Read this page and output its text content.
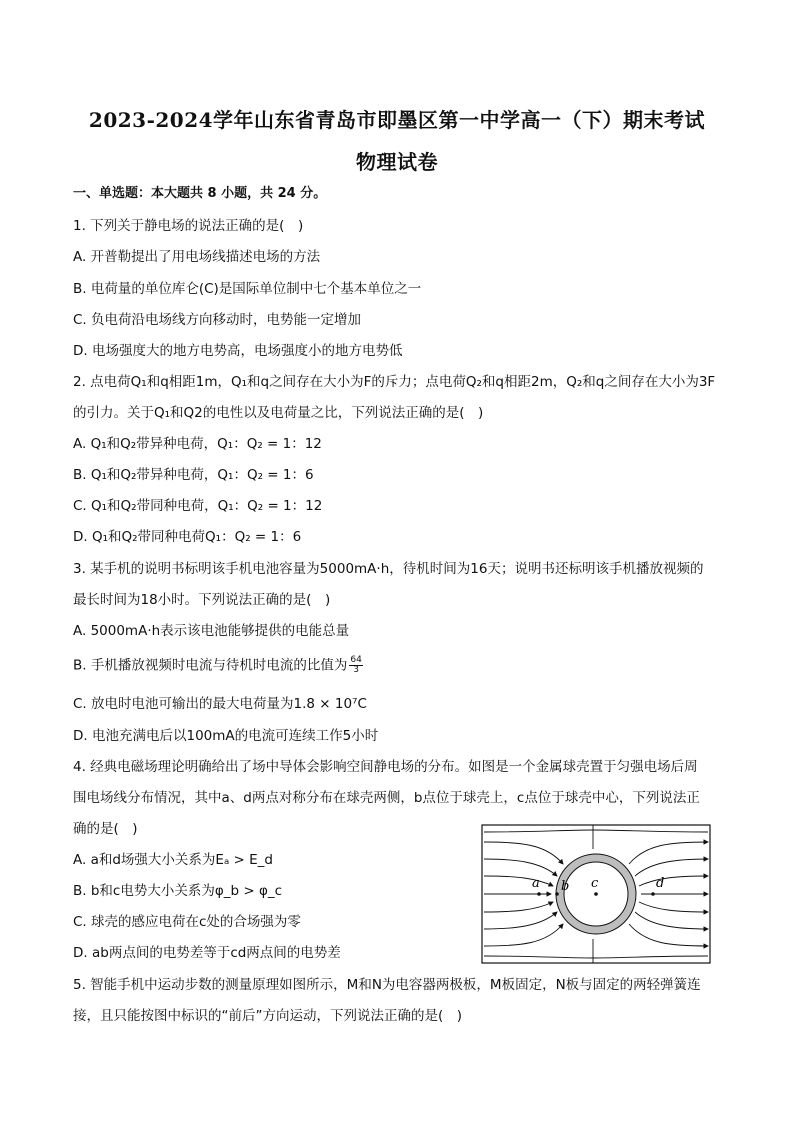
2023-2024学年山东省青岛市即墨区第一中学高一（下）期末考试
物理试卷
一、单选题：本大题共 8 小题，共 24 分。
1. 下列关于静电场的说法正确的是(　)
A. 开普勒提出了用电场线描述电场的方法
B. 电荷量的单位库仑(C)是国际单位制中七个基本单位之一
C. 负电荷沿电场线方向移动时，电势能一定增加
D. 电场强度大的地方电势高，电场强度小的地方电势低
2. 点电荷Q₁和q相距1m，Q₁和q之间存在大小为F的斥力；点电荷Q₂和q相距2m，Q₂和q之间存在大小为3F
的引力。关于Q₁和Q2的电性以及电荷量之比，下列说法正确的是(　)
A. Q₁和Q₂带异种电荷，Q₁：Q₂ = 1：12
B. Q₁和Q₂带异种电荷，Q₁：Q₂ = 1：6
C. Q₁和Q₂带同种电荷，Q₁：Q₂ = 1：12
D. Q₁和Q₂带同种电荷Q₁：Q₂ = 1：6
3. 某手机的说明书标明该手机电池容量为5000mA·h，待机时间为16天；说明书还标明该手机播放视频的
最长时间为18小时。下列说法正确的是(　)
A. 5000mA·h表示该电池能够提供的电能总量
B. 手机播放视频时电流与待机时电流的比值为 $\frac{64}{3}$
C. 放电时电池可输出的最大电荷量为1.8 × 10⁷C
D. 电池充满电后以100mA的电流可连续工作5小时
4. 经典电磁场理论明确给出了场中导体会影响空间静电场的分布。如图是一个金属球壳置于匀强电场后周
围电场线分布情况，其中a、d两点对称分布在球壳两侧，b点位于球壳上，c点位于球壳中心，下列说法正
确的是(　)
A. a和d场强大小关系为Eₐ > E_d
B. b和c电势大小关系为φ_b > φ_c
C. 球壳的感应电荷在c处的合场强为零
D. ab两点间的电势差等于cd两点间的电势差
5. 智能手机中运动步数的测量原理如图所示，M和N为电容器两极板，M板固定，N板与固定的两轻弹簧连
接，且只能按图中标识的“前后”方向运动，下列说法正确的是(　)
a b c	d
